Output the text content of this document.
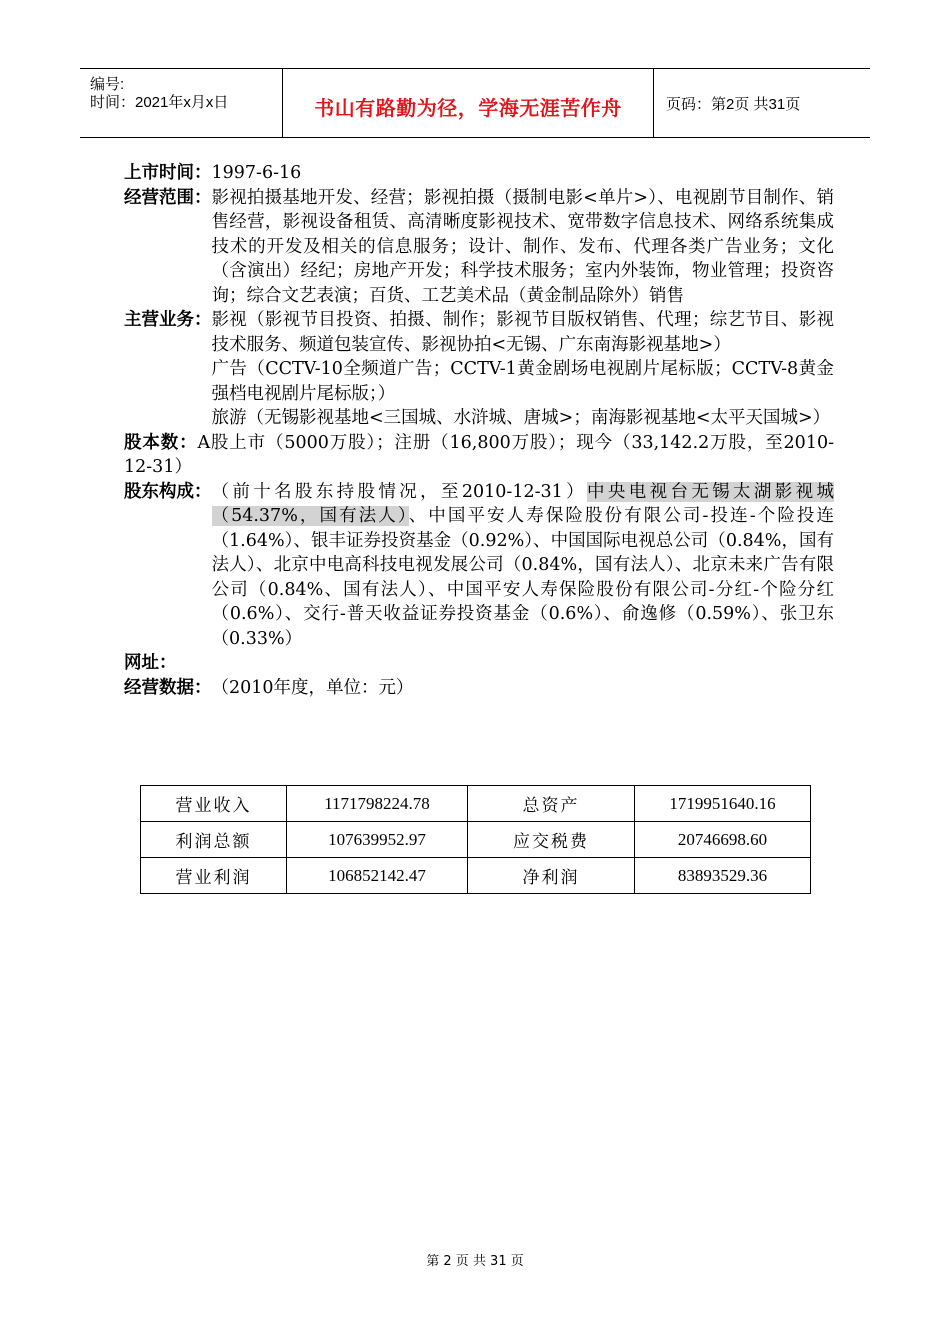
编号:
时间：2021年x月x日	书山有路勤为径，学海无涯苦作舟	页码：第2页 共31页
上市时间： 1997-6-16
经营范围： 影视拍摄基地开发、经营；影视拍摄（摄制电影<单片>）、电视剧节目制作、销售经营，影视设备租赁、高清晰度影视技术、宽带数字信息技术、网络系统集成技术的开发及相关的信息服务；设计、制作、发布、代理各类广告业务；文化（含演出）经纪；房地产开发；科学技术服务；室内外装饰，物业管理；投资咨询；综合文艺表演；百货、工艺美术品（黄金制品除外）销售
主营业务： 影视（影视节目投资、拍摄、制作；影视节目版权销售、代理；综艺节目、影视技术服务、频道包装宣传、影视协拍<无锡、广东南海影视基地>）

广告（CCTV-10全频道广告；CCTV-1黄金剧场电视剧片尾标版；CCTV-8黄金强档电视剧片尾标版；）

旅游（无锡影视基地<三国城、水浒城、唐城>；南海影视基地<太平天国城>）

股本数：A股上市（5000万股）；注册（16,800万股）；现今（33,142.2万股，至2010-12-31）

股东构成： （前十名股东持股情况，至2010-12-31）中央电视台无锡太湖影视城（54.37%，国有法人）、中国平安人寿保险股份有限公司-投连-个险投连（1.64%）、银丰证券投资基金（0.92%）、中国国际电视总公司（0.84%，国有法人）、北京中电高科技电视发展公司（0.84%，国有法人）、北京未来广告有限公司（0.84%、国有法人）、中国平安人寿保险股份有限公司-分红-个险分红（0.6%）、交行-普天收益证券投资基金（0.6%）、俞逸修（0.59%）、张卫东（0.33%）
网址：
经营数据： （2010年度，单位：元）
营业收入	1171798224.78	总资产	1719951640.16
利润总额	107639952.97	应交税费	20746698.60
营业利润	106852142.47	净利润	83893529.36
第 2 页 共 31 页
